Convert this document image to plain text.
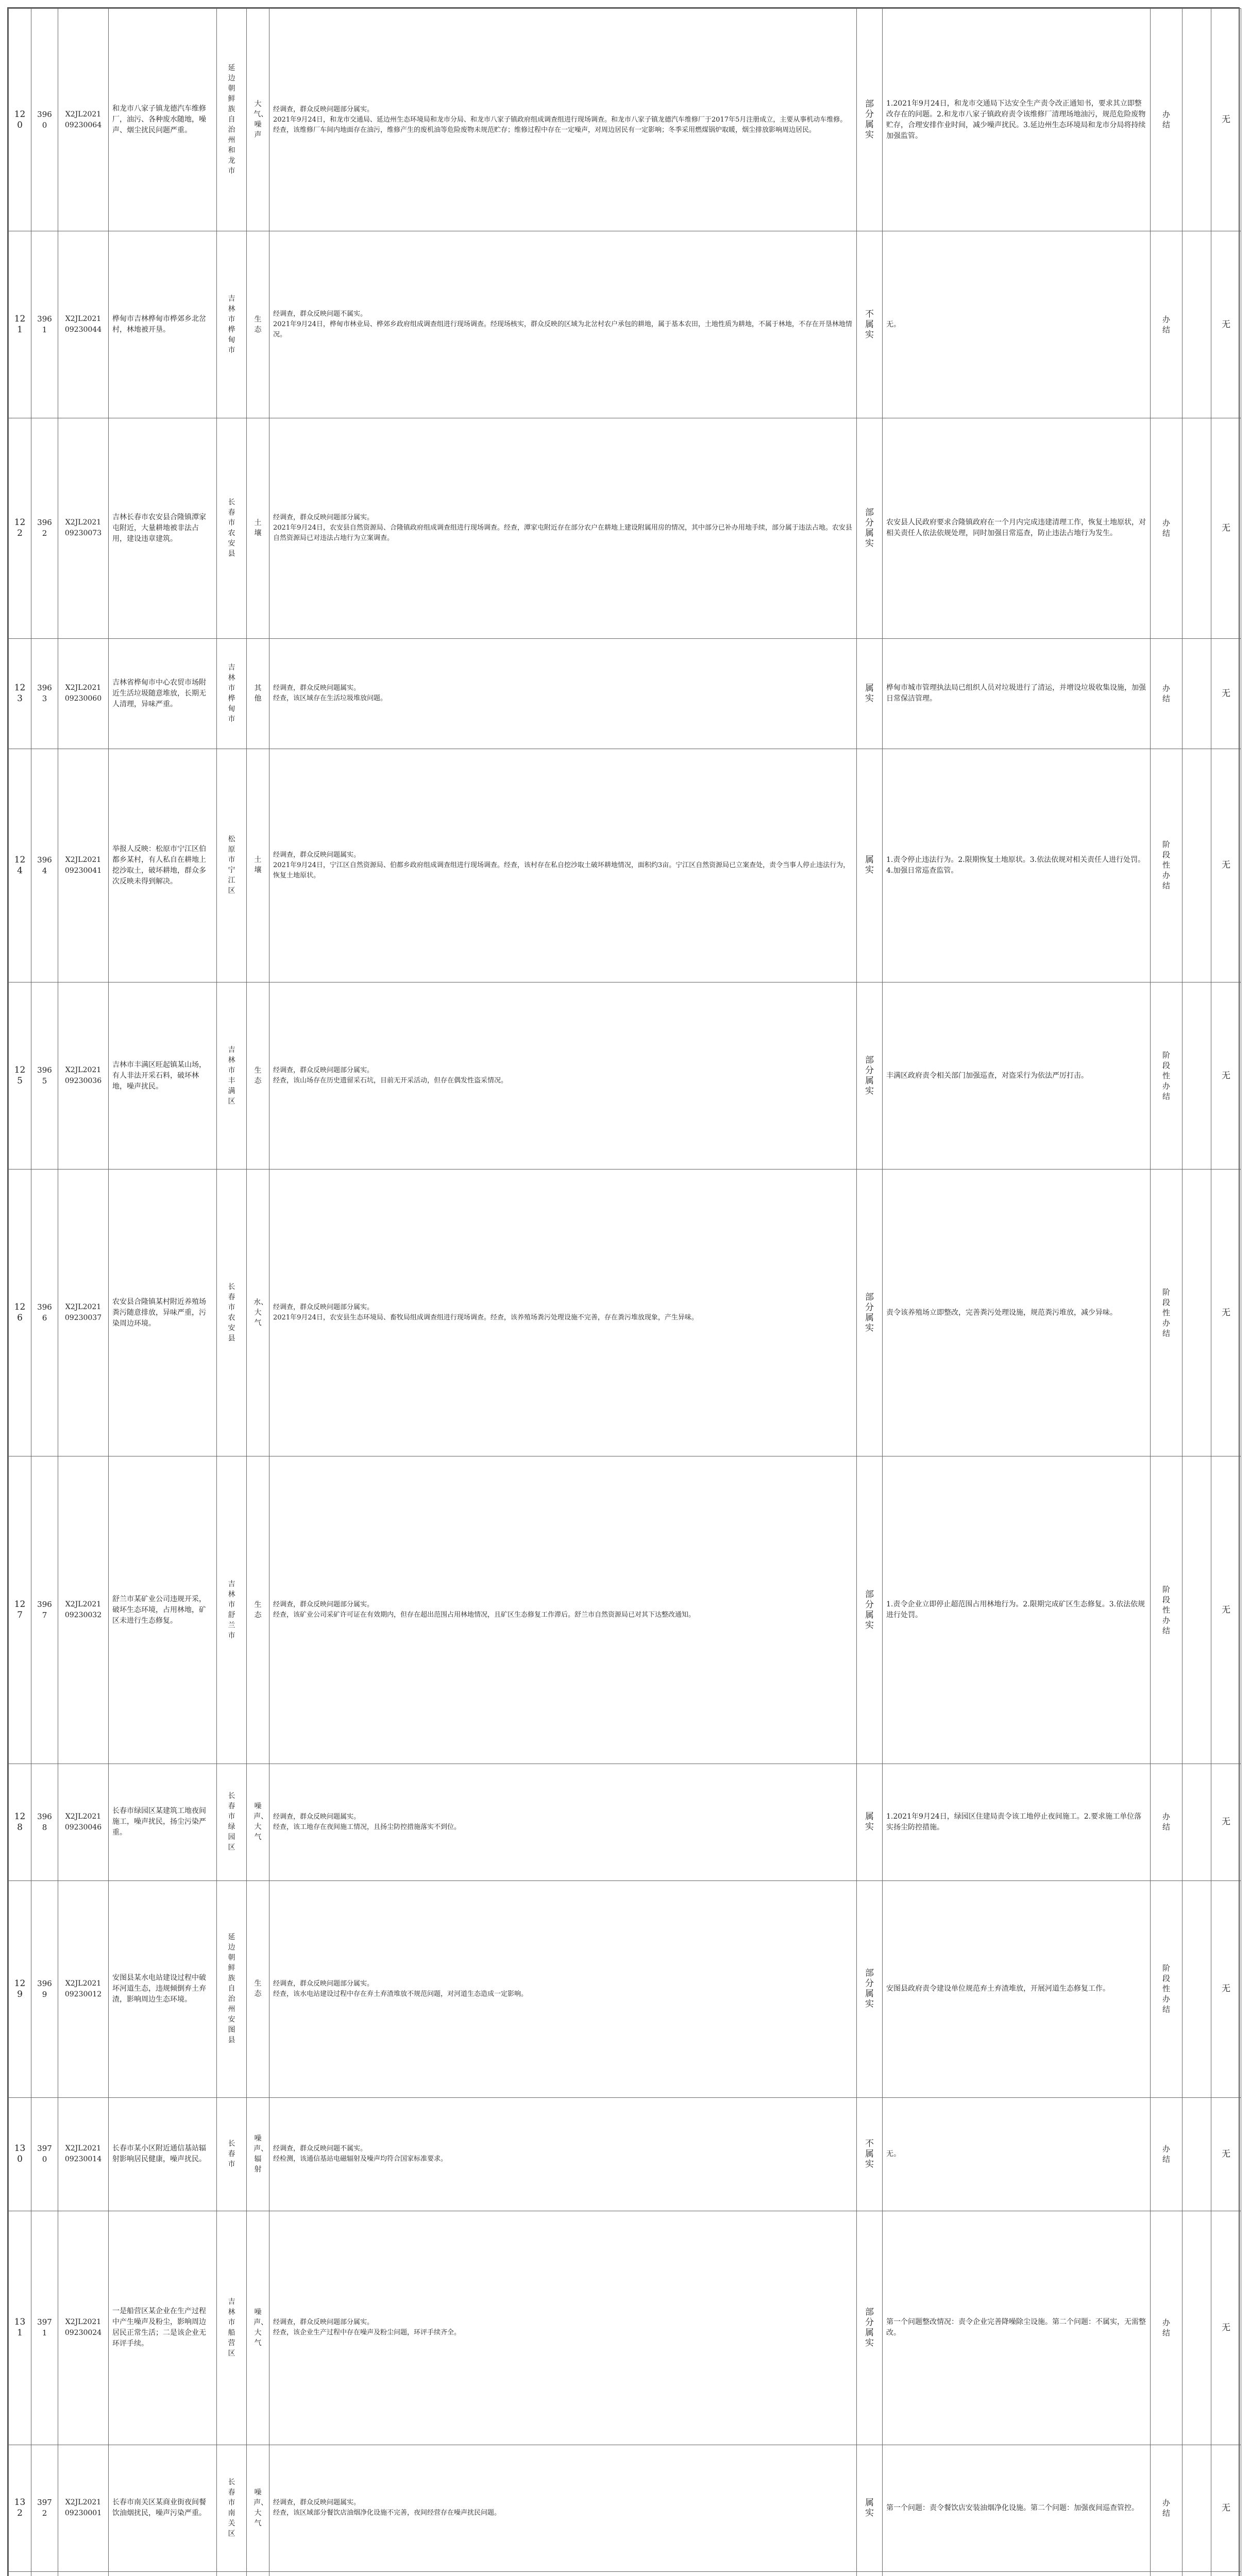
120	3960	X2JL2021
09230064	和龙市八家子镇龙德汽车维修厂，油污、各种废水随地，噪声、烟尘扰民问题严重。	延边朝鲜族自治州和龙市	大气、噪声	经调查，群众反映问题部分属实。
2021年9月24日，和龙市交通局、延边州生态环境局和龙市分局、和龙市八家子镇政府组成调查组进行现场调查。和龙市八家子镇龙德汽车维修厂于2017年5月注册成立，主要从事机动车维修。经查，该维修厂车间内地面存在油污，维修产生的废机油等危险废物未规范贮存；维修过程中存在一定噪声，对周边居民有一定影响；冬季采用燃煤锅炉取暖，烟尘排放影响周边居民。	部分属实	1.2021年9月24日，和龙市交通局下达安全生产责令改正通知书，要求其立即整改存在的问题。2.和龙市八家子镇政府责令该维修厂清理场地油污，规范危险废物贮存，合理安排作业时间，减少噪声扰民。3.延边州生态环境局和龙市分局将持续加强监管。	办结		无
121	3961	X2JL2021
09230044	桦甸市吉林桦甸市桦郊乡北岔村，林地被开垦。	吉林市桦甸市	生态	经调查，群众反映问题不属实。
2021年9月24日，桦甸市林业局、桦郊乡政府组成调查组进行现场调查。经现场核实，群众反映的区域为北岔村农户承包的耕地，属于基本农田，土地性质为耕地，不属于林地，不存在开垦林地情况。	不属实	无。	办结		无
122	3962	X2JL2021
09230073	吉林长春市农安县合隆镇潭家屯附近，大量耕地被非法占用，建设违章建筑。	长春市农安县	土壤	经调查，群众反映问题部分属实。
2021年9月24日，农安县自然资源局、合隆镇政府组成调查组进行现场调查。经查，潭家屯附近存在部分农户在耕地上建设附属用房的情况，其中部分已补办用地手续，部分属于违法占地。农安县自然资源局已对违法占地行为立案调查。	部分属实	农安县人民政府要求合隆镇政府在一个月内完成违建清理工作，恢复土地原状，对相关责任人依法依规处理，同时加强日常巡查，防止违法占地行为发生。	办结		无
123	3963	X2JL2021
09230060	吉林省桦甸市中心农贸市场附近生活垃圾随意堆放，长期无人清理，异味严重。	吉林市桦甸市	其他	经调查，群众反映问题属实。
经查，该区域存在生活垃圾堆放问题。	属实	桦甸市城市管理执法局已组织人员对垃圾进行了清运，并增设垃圾收集设施，加强日常保洁管理。	办结		无
124	3964	X2JL2021
09230041	举报人反映：松原市宁江区伯都乡某村，有人私自在耕地上挖沙取土，破坏耕地，群众多次反映未得到解决。	松原市宁江区	土壤	经调查，群众反映问题属实。
2021年9月24日，宁江区自然资源局、伯都乡政府组成调查组进行现场调查。经查，该村存在私自挖沙取土破坏耕地情况，面积约3亩。宁江区自然资源局已立案查处，责令当事人停止违法行为，恢复土地原状。	属实	1.责令停止违法行为。2.限期恢复土地原状。3.依法依规对相关责任人进行处罚。4.加强日常巡查监管。	阶段性办结		无
125	3965	X2JL2021
09230036	吉林市丰满区旺起镇某山场，有人非法开采石料，破坏林地，噪声扰民。	吉林市丰满区	生态	经调查，群众反映问题部分属实。
经查，该山场存在历史遗留采石坑，目前无开采活动，但存在偶发性盗采情况。	部分属实	丰满区政府责令相关部门加强巡查，对盗采行为依法严厉打击。	阶段性办结		无
126	3966	X2JL2021
09230037	农安县合隆镇某村附近养殖场粪污随意排放，异味严重，污染周边环境。	长春市农安县	水、大气	经调查，群众反映问题部分属实。
2021年9月24日，农安县生态环境局、畜牧局组成调查组进行现场调查。经查，该养殖场粪污处理设施不完善，存在粪污堆放现象，产生异味。	部分属实	责令该养殖场立即整改，完善粪污处理设施，规范粪污堆放，减少异味。	阶段性办结		无
127	3967	X2JL2021
09230032	舒兰市某矿业公司违规开采，破坏生态环境，占用林地，矿区未进行生态修复。	吉林市舒兰市	生态	经调查，群众反映问题部分属实。
经查，该矿业公司采矿许可证在有效期内，但存在超出范围占用林地情况，且矿区生态修复工作滞后。舒兰市自然资源局已对其下达整改通知。	部分属实	1.责令企业立即停止超范围占用林地行为。2.限期完成矿区生态修复。3.依法依规进行处罚。	阶段性办结		无
128	3968	X2JL2021
09230046	长春市绿园区某建筑工地夜间施工，噪声扰民，扬尘污染严重。	长春市绿园区	噪声、大气	经调查，群众反映问题属实。
经查，该工地存在夜间施工情况，且扬尘防控措施落实不到位。	属实	1.2021年9月24日，绿园区住建局责令该工地停止夜间施工。2.要求施工单位落实扬尘防控措施。	办结		无
129	3969	X2JL2021
09230012	安图县某水电站建设过程中破坏河道生态，违规倾倒弃土弃渣，影响周边生态环境。	延边朝鲜族自治州安图县	生态	经调查，群众反映问题部分属实。
经查，该水电站建设过程中存在弃土弃渣堆放不规范问题，对河道生态造成一定影响。	部分属实	安图县政府责令建设单位规范弃土弃渣堆放，开展河道生态修复工作。	阶段性办结		无
130	3970	X2JL2021
09230014	长春市某小区附近通信基站辐射影响居民健康，噪声扰民。	长春市	噪声、辐射	经调查，群众反映问题不属实。
经检测，该通信基站电磁辐射及噪声均符合国家标准要求。	不属实	无。	办结		无
131	3971	X2JL2021
09230024	一是船营区某企业在生产过程中产生噪声及粉尘，影响周边居民正常生活；二是该企业无环评手续。	吉林市船营区	噪声、大气	经调查，群众反映问题部分属实。
经查，该企业生产过程中存在噪声及粉尘问题，环评手续齐全。	部分属实	第一个问题整改情况：责令企业完善降噪除尘设施。第二个问题：不属实，无需整改。	办结		无
132	3972	X2JL2021
09230001	长春市南关区某商业街夜间餐饮油烟扰民，噪声污染严重。	长春市南关区	噪声、大气	经调查，群众反映问题属实。
经查，该区域部分餐饮店油烟净化设施不完善，夜间经营存在噪声扰民问题。	属实	第一个问题：责令餐饮店安装油烟净化设施。第二个问题：加强夜间巡查管控。	办结		无
